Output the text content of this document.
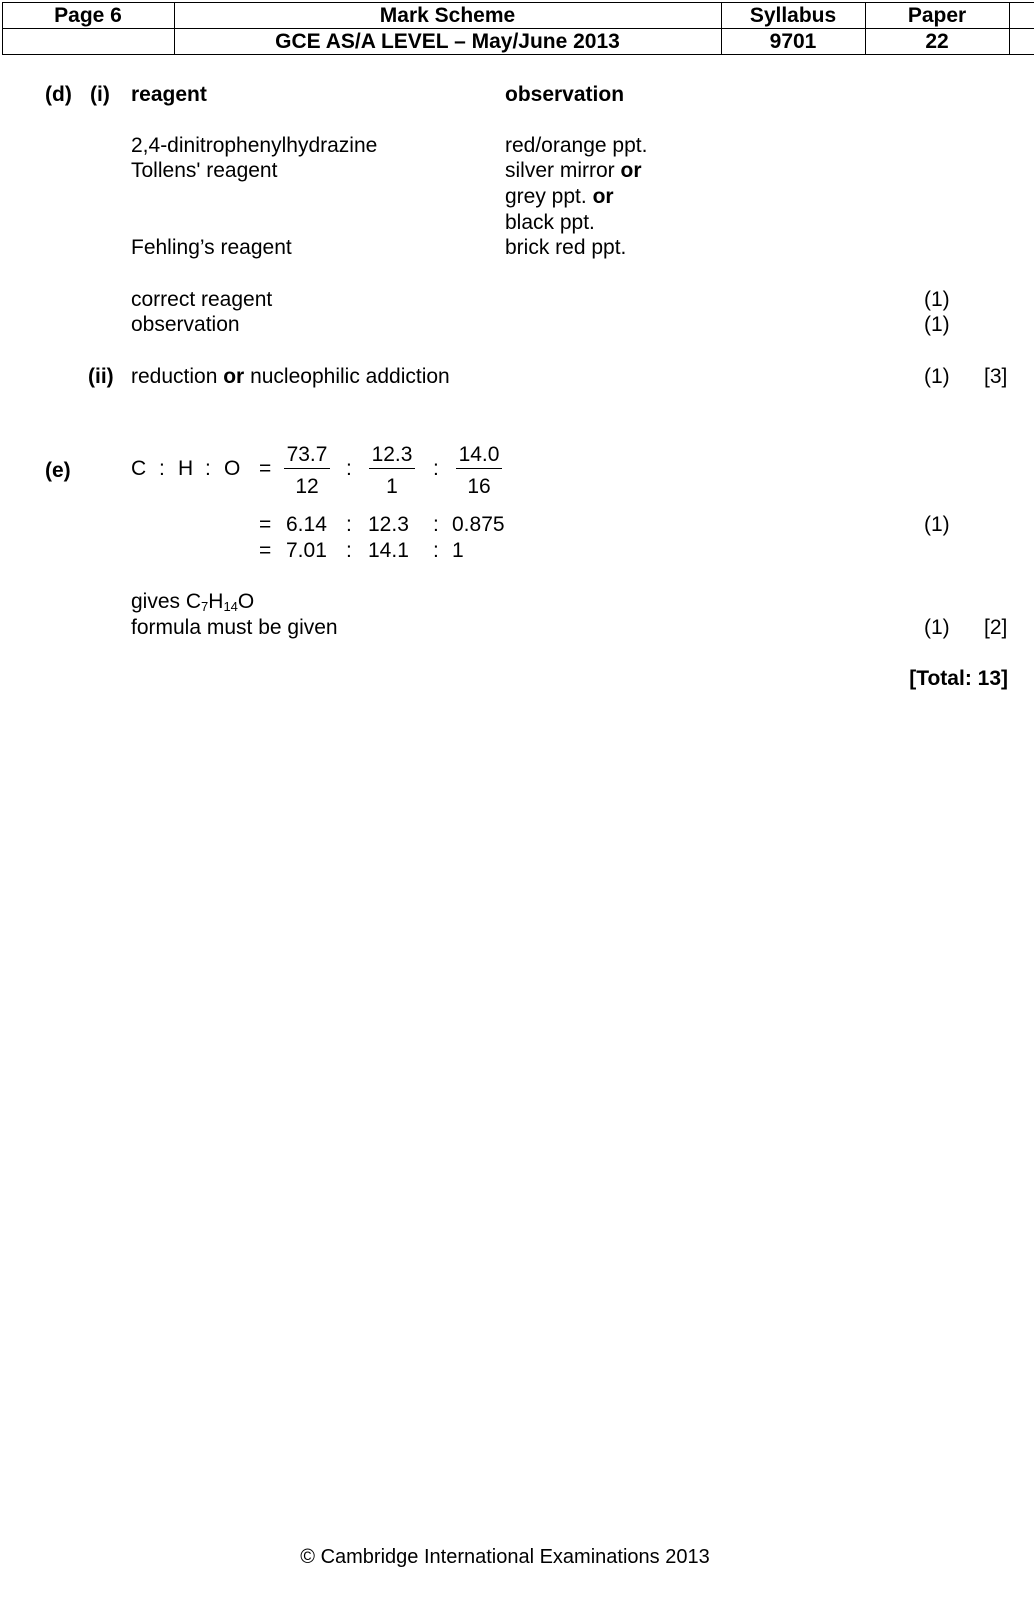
Page 6	Mark Scheme	Syllabus	Paper
GCE AS/A LEVEL – May/June 2013	9701	22
(d) (i) reagent	observation
2,4-dinitrophenylhydrazine	red/orange ppt.
Tollens' reagent	silver mirror or
grey ppt. or
black ppt.
Fehling’s reagent	brick red ppt.
correct reagent	(1)
observation	(1)
(ii) reduction or nucleophilic addiction	(1) [3]
(e)	C : H : O =
73.7
12
:
12.3
1
:
14.0
16
= 6.14 : 12.3 : 0.875	(1)
= 7.01 : 14.1 : 1
gives $C_7H_{14}O$
formula must be given	(1) [2]
[Total: 13]
© Cambridge International Examinations 2013
